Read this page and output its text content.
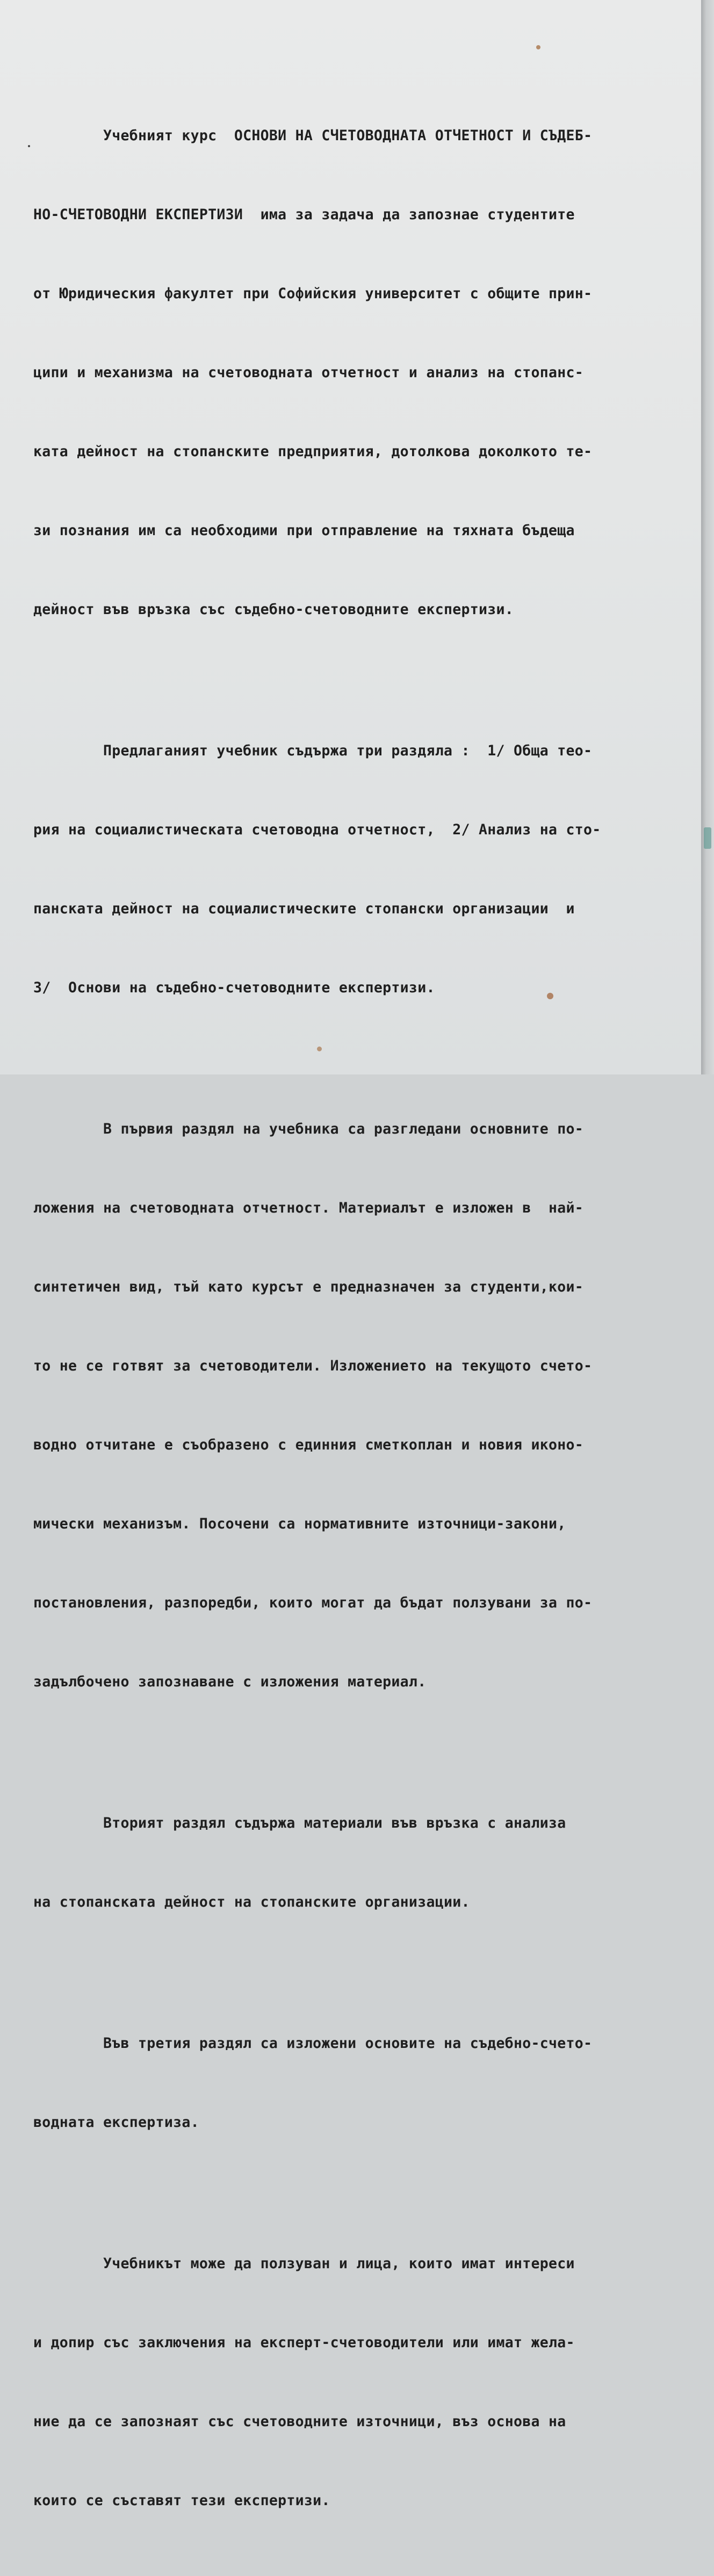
Учебният курс  ОСНОВИ НА СЧЕТОВОДНАТА ОТЧЕТНОСТ И СЪДЕБ-

НО-СЧЕТОВОДНИ ЕКСПЕРТИЗИ  има за задача да запознае студентите

от Юридическия факултет при Софийския университет с общите прин-

ципи и механизма на счетоводната отчетност и анализ на стопанс-

ката дейност на стопанските предприятия, дотолкова доколкото те-

зи познания им са необходими при отправление на тяхната бъдеща

дейност във връзка със съдебно-счетоводните експертизи.

Предлаганият учебник съдържа три раздяла :  1/ Обща тео-

рия на социалистическата счетоводна отчетност,  2/ Анализ на сто-

панската дейност на социалистическите стопански организации  и

3/  Основи на съдебно-счетоводните експертизи.

В първия раздял на учебника са разгледани основните по-

ложения на счетоводната отчетност. Материалът е изложен в  най-

синтетичен вид, тъй като курсът е предназначен за студенти,кои-

то не се готвят за счетоводители. Изложението на текущото счето-

водно отчитане е съобразено с единния сметкоплан и новия иконо-

мически механизъм. Посочени са нормативните източници-закони,

постановления, разпоредби, които могат да бъдат ползувани за по-

задълбочено запознаване с изложения материал.

Вторият раздял съдържа материали във връзка с анализа

на стопанската дейност на стопанските организации.

Във третия раздял са изложени основите на съдебно-счето-

водната експертиза.

Учебникът може да ползуван и лица, които имат интереси

и допир със заключения на експерт-счетоводители или имат жела-

ние да се запознаят със счетоводните източници, въз основа на

които се съставят тези експертизи.
